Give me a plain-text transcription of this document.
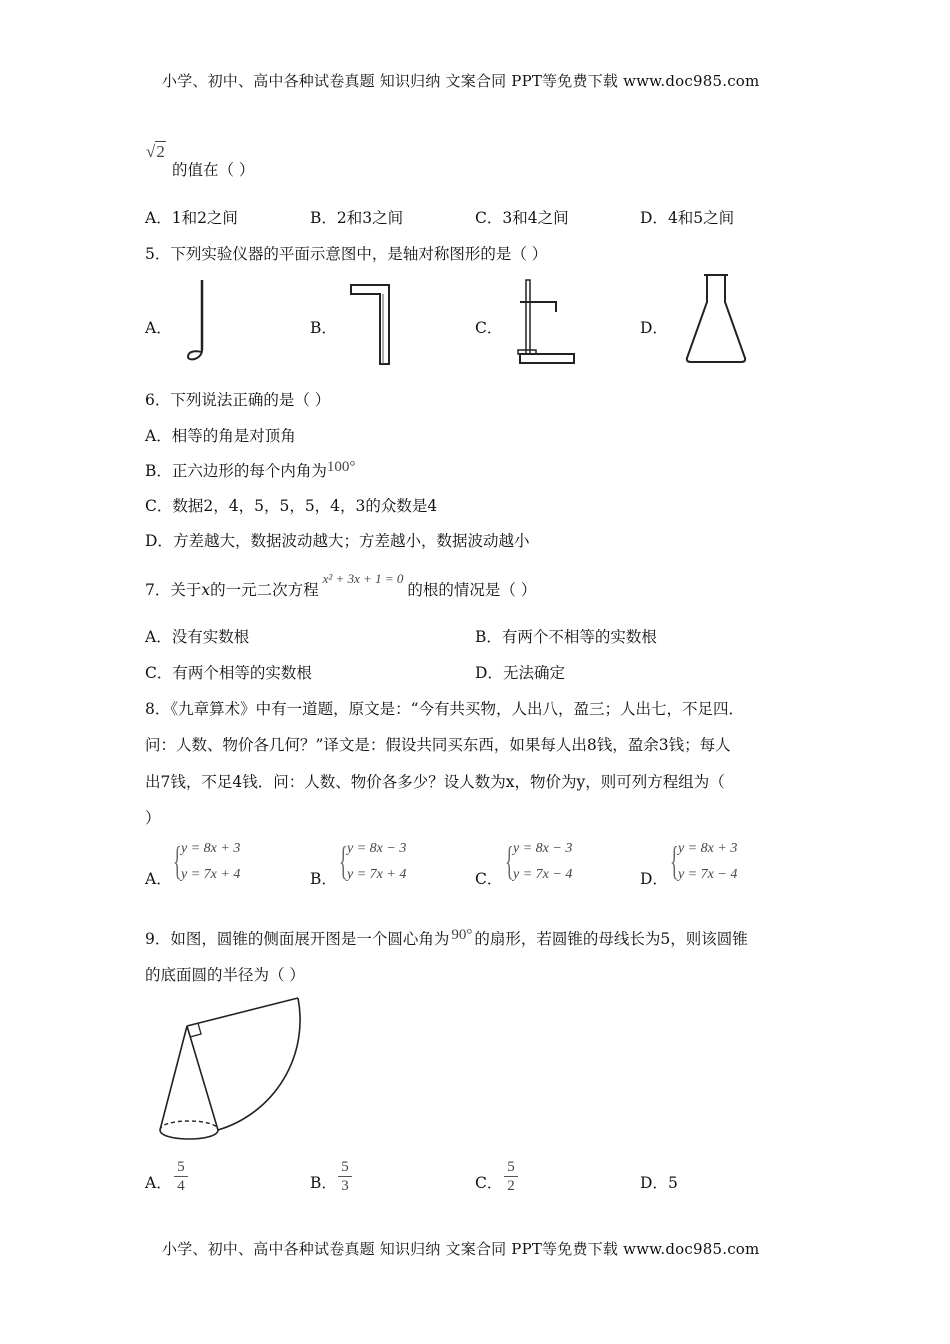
小学、初中、高中各种试卷真题 知识归纳 文案合同 PPT等免费下载 www.doc985.com
√2
的值在（ ）
A．1和2之间	B．2和3之间	C．3和4之间	D．4和5之间
5．下列实验仪器的平面示意图中，是轴对称图形的是（ ）
A．	B．	C．	D．
6．下列说法正确的是（ ）
A．相等的角是对顶角
B．正六边形的每个内角为100°
C．数据2，4，5，5，5，4，3的众数是4
D．方差越大，数据波动越大；方差越小，数据波动越小
7．关于x的一元二次方程$^{x^2 + 3x + 1 = 0}$的根的情况是（ ）
A．没有实数根	B．有两个不相等的实数根
C．有两个相等的实数根	D．无法确定
8．《九章算术》中有一道题，原文是：“今有共买物，人出八，盈三；人出七，不足四．
问：人数、物价各几何？”译文是：假设共同买东西，如果每人出8钱，盈余3钱；每人
出7钱，不足4钱．问：人数、物价各多少？设人数为x，物价为y，则可列方程组为（
）
A． { y = 8x + 3
y = 7x + 4	B． { y = 8x − 3
y = 7x + 4	C． { y = 8x − 3
y = 7x − 4	D． { y = 8x + 3
y = 7x − 4
9．如图，圆锥的侧面展开图是一个圆心角为 90° 的扇形，若圆锥的母线长为5，则该圆锥
的底面圆的半径为（ ）
A．
5
4	B．
5
3	C．
5
2	D．5
小学、初中、高中各种试卷真题 知识归纳 文案合同 PPT等免费下载 www.doc985.com
